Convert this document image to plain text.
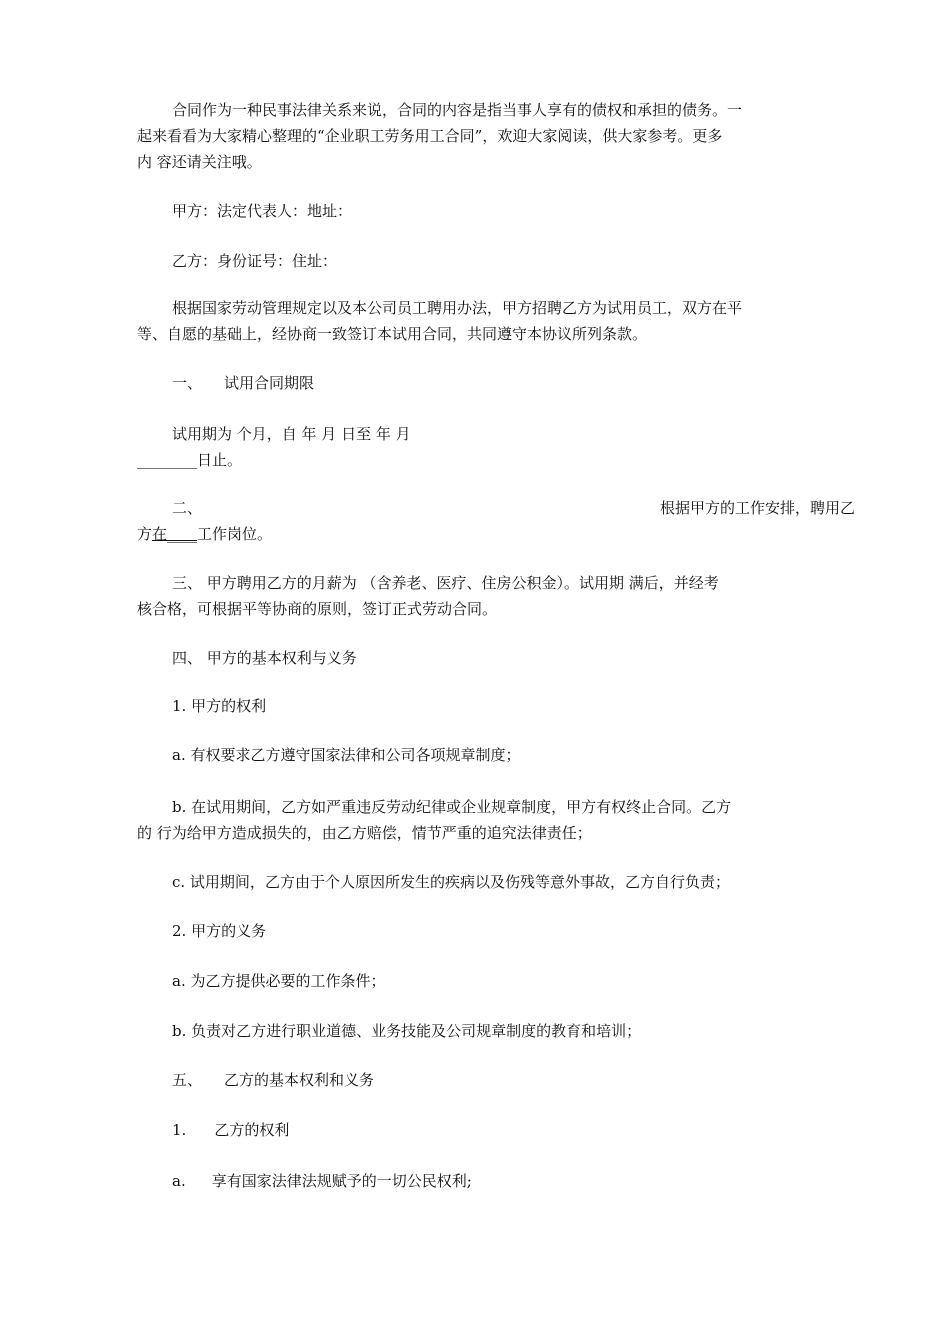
合同作为一种民事法律关系来说，合同的内容是指当事人享有的债权和承担的债务。一
起来看看为大家精心整理的“企业职工劳务用工合同”，欢迎大家阅读，供大家参考。更多
内 容还请关注哦。
甲方：法定代表人：地址：
乙方：身份证号：住址：
根据国家劳动管理规定以及本公司员工聘用办法，甲方招聘乙方为试用员工，双方在平
等、自愿的基础上，经协商一致签订本试用合同，共同遵守本协议所列条款。
一、 试用合同期限
试用期为 个月，自 年 月 日至 年 月
________日止。
二、	根据甲方的工作安排，聘用乙
方在____工作岗位。
三、 甲方聘用乙方的月薪为 （含养老、医疗、住房公积金）。试用期 满后，并经考
核合格，可根据平等协商的原则，签订正式劳动合同。
四、 甲方的基本权利与义务
1. 甲方的权利
a. 有权要求乙方遵守国家法律和公司各项规章制度；
b. 在试用期间，乙方如严重违反劳动纪律或企业规章制度，甲方有权终止合同。乙方
的 行为给甲方造成损失的，由乙方赔偿，情节严重的追究法律责任；
c. 试用期间，乙方由于个人原因所发生的疾病以及伤残等意外事故，乙方自行负责；
2. 甲方的义务
a. 为乙方提供必要的工作条件；
b. 负责对乙方进行职业道德、业务技能及公司规章制度的教育和培训；
五、 乙方的基本权利和义务
1. 乙方的权利
a. 享有国家法律法规赋予的一切公民权利;
